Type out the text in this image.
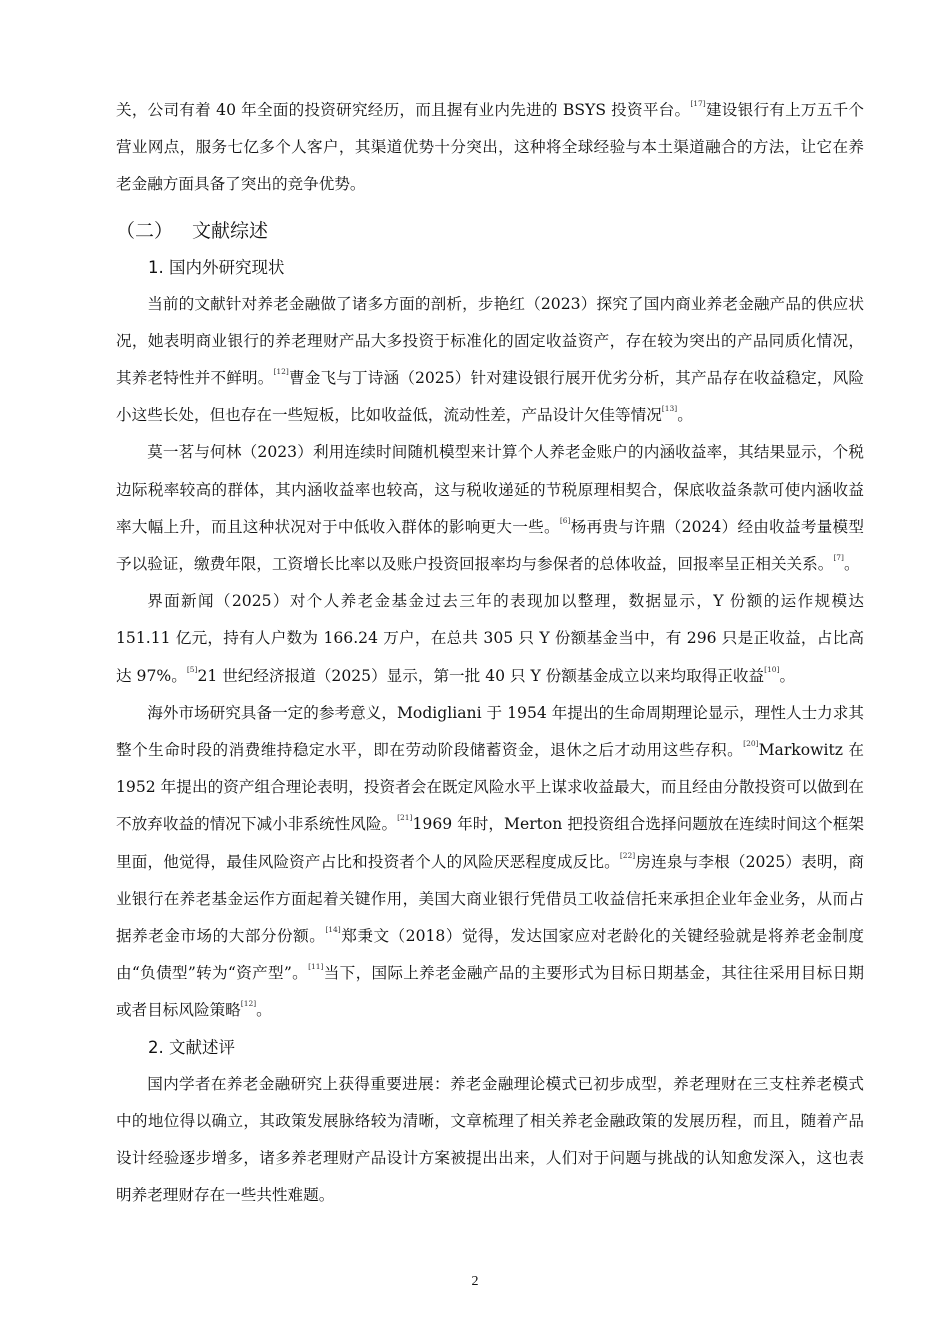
关，公司有着 40 年全面的投资研究经历，而且握有业内先进的 BSYS 投资平台。[17]建设银行有上万五千个营业网点，服务七亿多个人客户，其渠道优势十分突出，这种将全球经验与本土渠道融合的方法，让它在养老金融方面具备了突出的竞争优势。

（二） 文献综述
1. 国内外研究现状

当前的文献针对养老金融做了诸多方面的剖析，步艳红（2023）探究了国内商业养老金融产品的供应状况，她表明商业银行的养老理财产品大多投资于标准化的固定收益资产，存在较为突出的产品同质化情况，其养老特性并不鲜明。[12]曹金飞与丁诗涵（2025）针对建设银行展开优劣分析，其产品存在收益稳定，风险小这些长处，但也存在一些短板，比如收益低，流动性差，产品设计欠佳等情况[13]。

莫一茗与何林（2023）利用连续时间随机模型来计算个人养老金账户的内涵收益率，其结果显示，个税边际税率较高的群体，其内涵收益率也较高，这与税收递延的节税原理相契合，保底收益条款可使内涵收益率大幅上升，而且这种状况对于中低收入群体的影响更大一些。[6]杨再贵与许鼎（2024）经由收益考量模型予以验证，缴费年限，工资增长比率以及账户投资回报率均与参保者的总体收益，回报率呈正相关关系。[7]。

界面新闻（2025）对个人养老金基金过去三年的表现加以整理，数据显示，Y 份额的运作规模达151.11 亿元，持有人户数为 166.24 万户，在总共 305 只 Y 份额基金当中，有 296 只是正收益，占比高达 97%。[5]21 世纪经济报道（2025）显示，第一批 40 只 Y 份额基金成立以来均取得正收益[10]。

海外市场研究具备一定的参考意义，Modigliani 于 1954 年提出的生命周期理论显示，理性人士力求其整个生命时段的消费维持稳定水平，即在劳动阶段储蓄资金，退休之后才动用这些存积。[20]Markowitz 在 1952 年提出的资产组合理论表明，投资者会在既定风险水平上谋求收益最大，而且经由分散投资可以做到在不放弃收益的情况下减小非系统性风险。[21]1969 年时，Merton 把投资组合选择问题放在连续时间这个框架里面，他觉得，最佳风险资产占比和投资者个人的风险厌恶程度成反比。[22]房连泉与李根（2025）表明，商业银行在养老基金运作方面起着关键作用，美国大商业银行凭借员工收益信托来承担企业年金业务，从而占据养老金市场的大部分份额。[14]郑秉文（2018）觉得，发达国家应对老龄化的关键经验就是将养老金制度由“负债型”转为“资产型”。[11]当下，国际上养老金融产品的主要形式为目标日期基金，其往往采用目标日期或者目标风险策略[12]。

2. 文献述评

国内学者在养老金融研究上获得重要进展：养老金融理论模式已初步成型，养老理财在三支柱养老模式中的地位得以确立，其政策发展脉络较为清晰，文章梳理了相关养老金融政策的发展历程，而且，随着产品设计经验逐步增多，诸多养老理财产品设计方案被提出出来，人们对于问题与挑战的认知愈发深入，这也表明养老理财存在一些共性难题。

2
